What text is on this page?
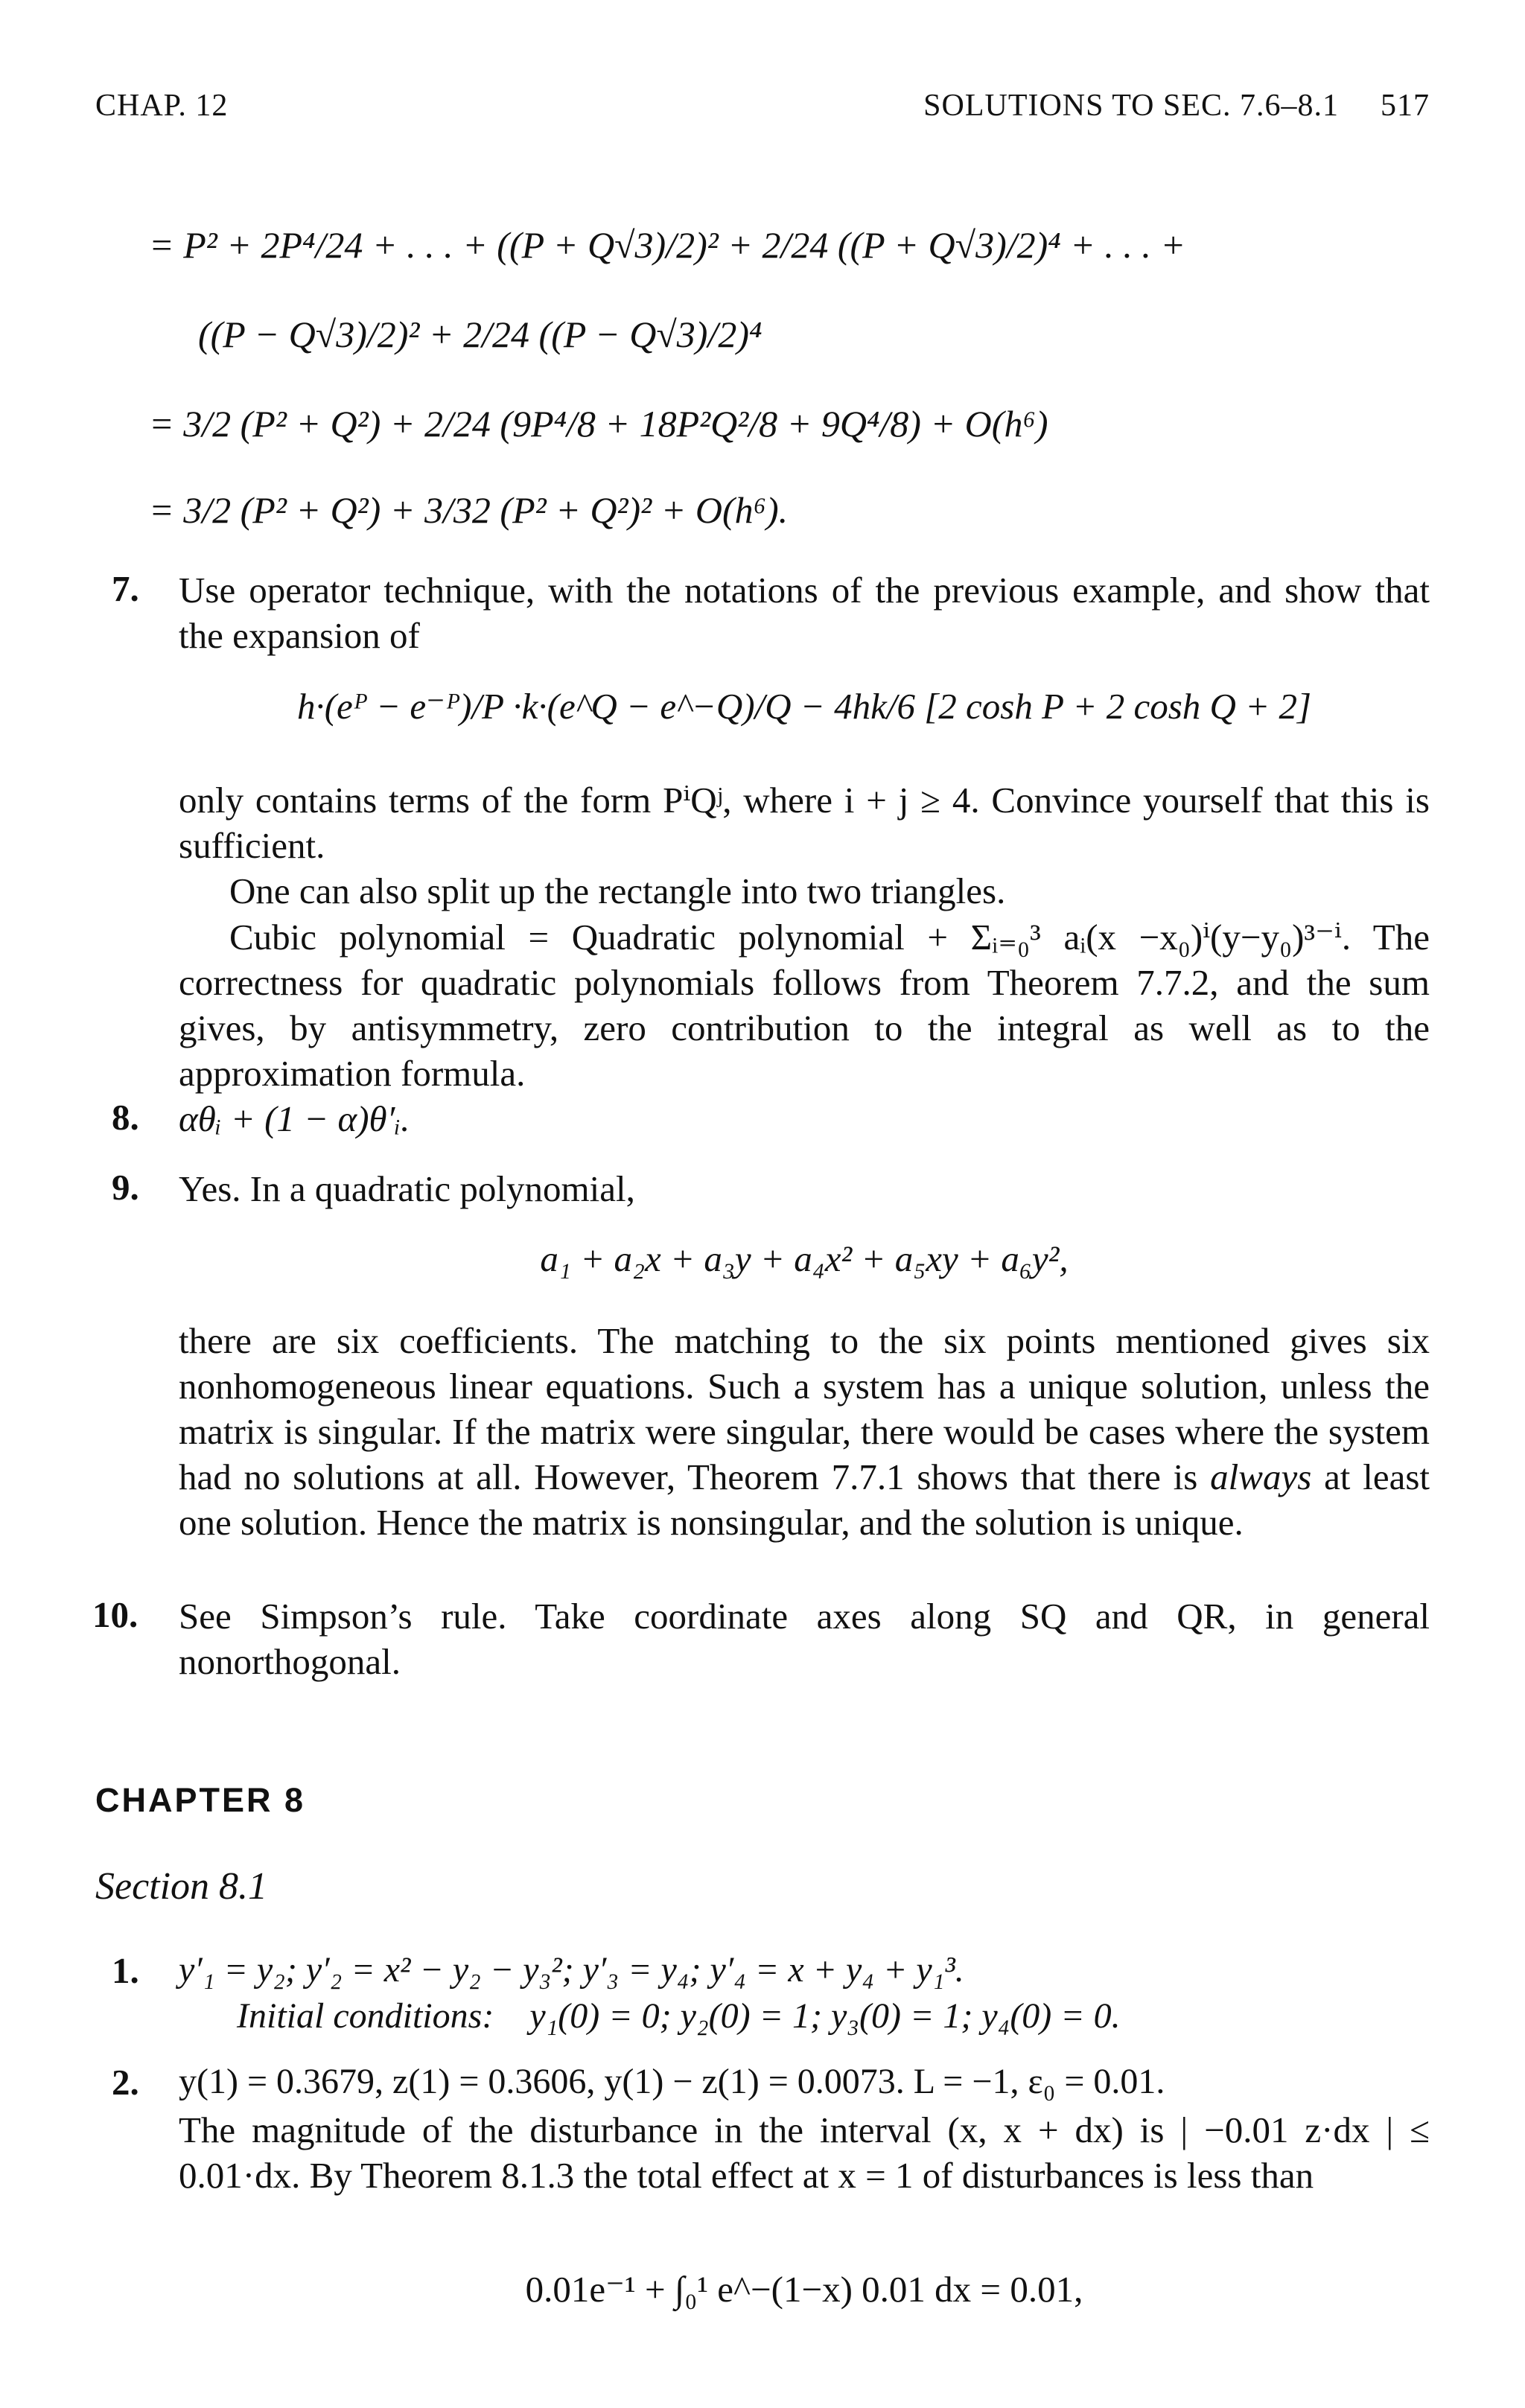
CHAP. 12	SOLUTIONS TO SEC. 7.6–8.1 517
= P² + 2P⁴/24 + . . . + ((P + Q√3)/2)² + 2/24 ((P + Q√3)/2)⁴ + . . . +
((P − Q√3)/2)² + 2/24 ((P − Q√3)/2)⁴
= 3/2 (P² + Q²) + 2/24 (9P⁴/8 + 18P²Q²/8 + 9Q⁴/8) + O(h⁶)
= 3/2 (P² + Q²) + 3/32 (P² + Q²)² + O(h⁶).
7. Use operator technique, with the notations of the previous example, and show that the expansion of
h·(eᴾ − e⁻ᴾ)/P ·k·(e^Q − e^−Q)/Q − 4hk/6 [2 cosh P + 2 cosh Q + 2]
only contains terms of the form PⁱQʲ, where i + j ≥ 4. Convince yourself that this is sufficient.
One can also split up the rectangle into two triangles.
Cubic polynomial = Quadratic polynomial + Σᵢ₌₀³ aᵢ(x −x₀)ⁱ(y−y₀)³⁻ⁱ. The correctness for quadratic polynomials follows from Theorem 7.7.2, and the sum gives, by antisymmetry, zero contribution to the integral as well as to the approximation formula.
8. αθᵢ + (1 − α)θ′ᵢ.
9. Yes. In a quadratic polynomial,
a₁ + a₂x + a₃y + a₄x² + a₅xy + a₆y²,
there are six coefficients. The matching to the six points mentioned gives six nonhomogeneous linear equations. Such a system has a unique solution, unless the matrix is singular. If the matrix were singular, there would be cases where the system had no solutions at all. However, Theorem 7.7.1 shows that there is always at least one solution. Hence the matrix is nonsingular, and the solution is unique.
10. See Simpson’s rule. Take coordinate axes along SQ and QR, in general nonorthogonal.
CHAPTER 8
Section 8.1
1. y′₁ = y₂; y′₂ = x² − y₂ − y₃²; y′₃ = y₄; y′₄ = x + y₄ + y₁³.
Initial conditions: y₁(0) = 0; y₂(0) = 1; y₃(0) = 1; y₄(0) = 0.
2. y(1) = 0.3679, z(1) = 0.3606, y(1) − z(1) = 0.0073. L = −1, ε₀ = 0.01.
The magnitude of the disturbance in the interval (x, x + dx) is | −0.01 z·dx | ≤ 0.01·dx. By Theorem 8.1.3 the total effect at x = 1 of disturbances is less than
0.01e⁻¹ + ∫₀¹ e^−(1−x) 0.01 dx = 0.01,
